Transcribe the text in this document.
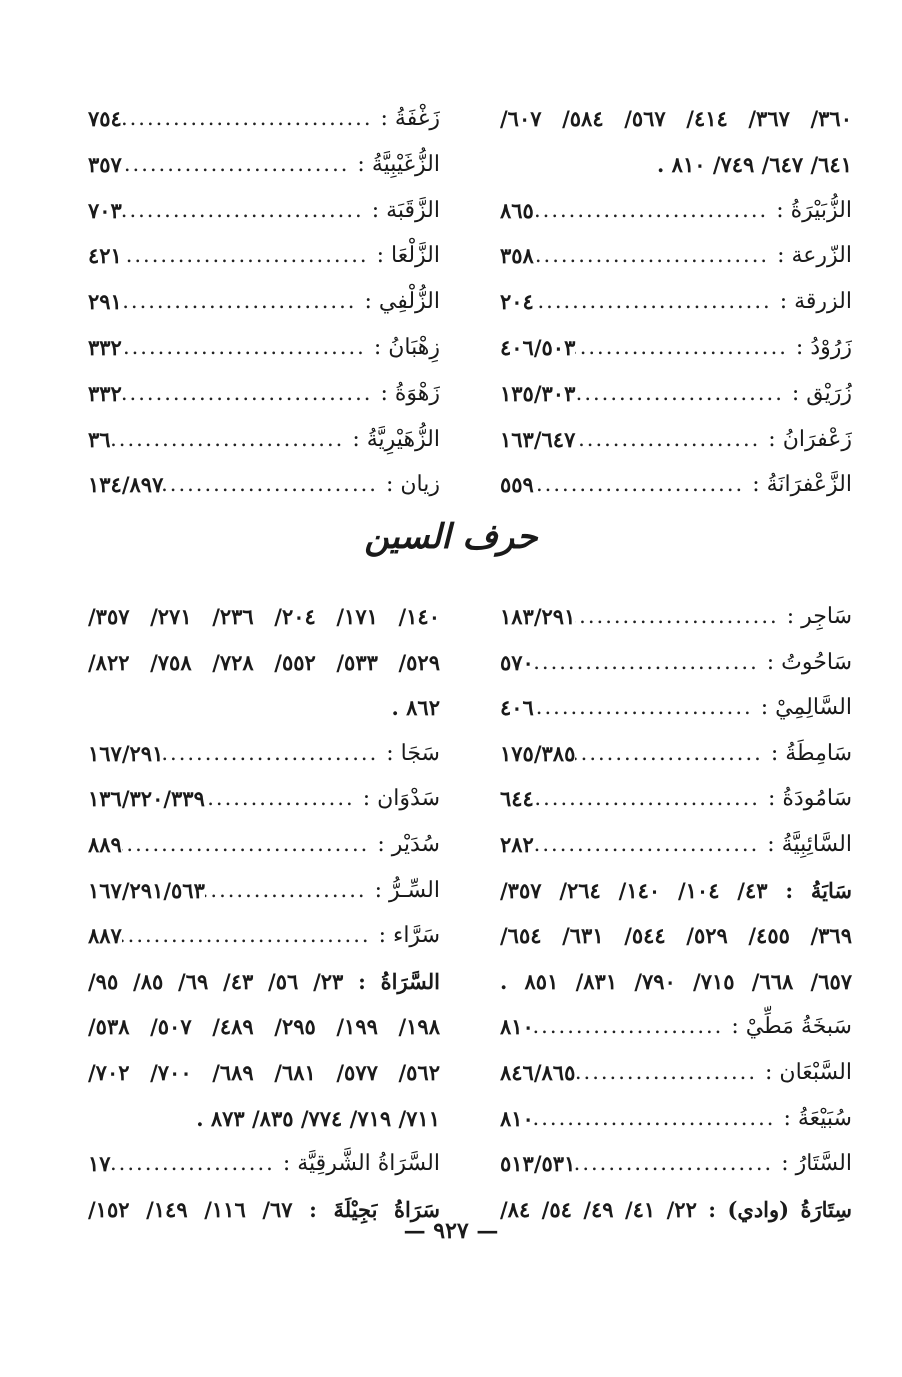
٣٦٠/ ٣٦٧/ ٤١٤/ ٥٦٧/ ٥٨٤/ ٦٠٧/
٦٤١/ ٦٤٧/ ٧٤٩/ ٨١٠ .
الزُّبَيْرَةُ :
.....
٨٦٥
الزّرعة :
.....
٣٥٨
الزرقة :
.....
٢٠٤
زَرُوْدُ :
.....
٤٠٦/٥٠٣
زُرَيْق :
.....
١٣٥/٣٠٣
زَعْفرَانُ :
.....
١٦٣/٦٤٧
الزَّعْفرَانَةُ :
.....
٥٥٩
زَغْفَةُ :
.....
٧٥٤
الزُّغَيْبِيَّةُ :
.....
٣٥٧
الزَّقَبَة :
.....
٧٠٣
الزَّلْعَا :
.....
٤٢١
الزُّلْفِي :
.....
٢٩١
زِهْبَانُ :
.....
٣٣٢
زَهْوَةُ :
.....
٣٣٢
الزُّهَيْرِيَّةُ :
.....
٣٦
زيان :
.....
١٣٤/٨٩٧
حرف السين
سَاجِر :
.....
١٨٣/٢٩١
سَاحُوتُ :
.....
٥٧٠
السَّالِمِيْ :
.....
٤٠٦
سَامِطَةُ :
.....
١٧٥/٣٨٥
سَامُودَةُ :
.....
٦٤٤
السَّائِبِيَّةُ :
.....
٢٨٢
سَايَةُ : ٤٣/ ١٠٤/ ١٤٠/ ٢٦٤/ ٣٥٧/
٣٦٩/ ٤٥٥/ ٥٢٩/ ٥٤٤/ ٦٣١/ ٦٥٤/
٦٥٧/ ٦٦٨/ ٧١٥/ ٧٩٠/ ٨٣١/ ٨٥١ .
سَبخَةُ مَطِّيْ :
.....
٨١٠
السَّبْعَان :
.....
٨٤٦/٨٦٥
سُبَيْعَةُ :
.....
٨١٠
السَّتَارُ :
.....
٥١٣/٥٣١
سِتَارَةُ (وادي) : ٢٢/ ٤١/ ٤٩/ ٥٤/ ٨٤/
١٤٠/ ١٧١/ ٢٠٤/ ٢٣٦/ ٢٧١/ ٣٥٧/
٥٢٩/ ٥٣٣/ ٥٥٢/ ٧٢٨/ ٧٥٨/ ٨٢٢/
٨٦٢ .
سَجَا :
.....
١٦٧/٢٩١
سَدْوَان :
.....
١٣٦/٣٢٠/٣٣٩
سُدَيْر :
.....
٨٨٩
السِّـرُّ :
.....
١٦٧/٢٩١/٥٦٣
سَرَّاء :
.....
٨٨٧
السَّرَاةُ : ٢٣/ ٥٦/ ٤٣/ ٦٩/ ٨٥/ ٩٥/
١٩٨/ ١٩٩/ ٢٩٥/ ٤٨٩/ ٥٠٧/ ٥٣٨/
٥٦٢/ ٥٧٧/ ٦٨١/ ٦٨٩/ ٧٠٠/ ٧٠٢/
٧١١/ ٧١٩/ ٧٧٤/ ٨٣٥/ ٨٧٣ .
السَّرَاةُ الشَّرقِيَّة :
.....
١٧
سَرَاةُ بَجِيْلَةَ : ٦٧/ ١١٦/ ١٤٩/ ١٥٢/
— ٩٢٧ —
